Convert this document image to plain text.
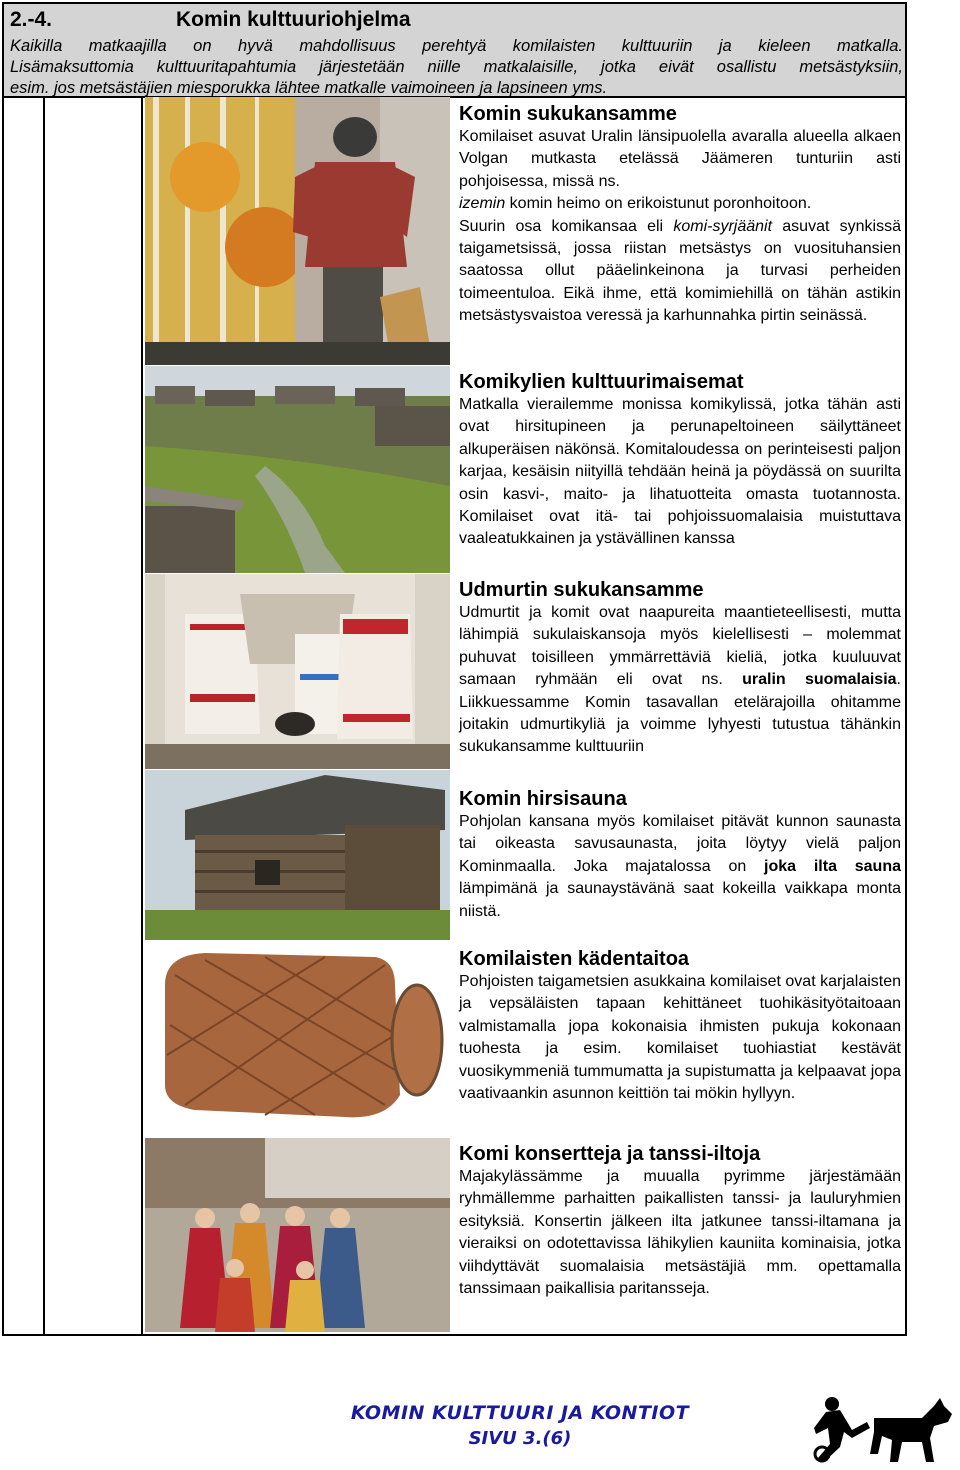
2.-4.	Komin kulttuuriohjelma

Kaikilla matkaajilla on hyvä mahdollisuus perehtyä komilaisten kulttuuriin ja kieleen matkalla.

Lisämaksuttomia kulttuuritapahtumia järjestetään niille matkalaisille, jotka eivät osallistu metsästyksiin,

esim. jos metsästäjien miesporukka lähtee matkalle vaimoineen ja lapsineen yms.

Komin sukukansamme

Komilaiset asuvat Uralin länsipuolella avaralla alueella alkaen Volgan mutkasta etelässä Jäämeren tunturiin asti pohjoisessa, missä ns.
izemin komin heimo on erikoistunut poronhoitoon.
Suurin osa komikansaa eli komi-syrjäänit asuvat synkissä taigametsissä, jossa riistan metsästys on vuosituhansien saatossa ollut pääelinkeinona ja turvasi perheiden toimeentuloa. Eikä ihme, että komimiehillä on tähän astikin metsästysvaistoa veressä ja karhunnahka pirtin seinässä.

Komikylien kulttuurimaisemat

Matkalla vierailemme monissa komikylissä, jotka tähän asti ovat hirsitupineen ja perunapeltoineen säilyttäneet alkuperäisen näkönsä. Komitaloudessa on perinteisesti paljon karjaa, kesäisin niityillä tehdään heinä ja pöydässä on suurilta osin kasvi-, maito- ja lihatuotteita omasta tuotannosta. Komilaiset ovat itä- tai pohjoissuomalaisia muistuttava vaaleatukkainen ja ystävällinen kanssa

Udmurtin sukukansamme

Udmurtit ja komit ovat naapureita maantieteellisesti, mutta lähimpiä sukulaiskansoja myös kielellisesti – molemmat puhuvat toisilleen ymmärrettäviä kieliä, jotka kuuluuvat samaan ryhmään eli ovat ns. uralin suomalaisia. Liikkuessamme Komin tasavallan etelärajoilla ohitamme joitakin udmurtikyliä ja voimme lyhyesti tutustua tähänkin sukukansamme kulttuuriin

Komin hirsisauna

Pohjolan kansana myös komilaiset pitävät kunnon saunasta tai oikeasta savusaunasta, joita löytyy vielä paljon Kominmaalla. Joka majatalossa on joka ilta sauna lämpimänä ja saunaystävänä saat kokeilla vaikkapa monta niistä.

Komilaisten kädentaitoa

Pohjoisten taigametsien asukkaina komilaiset ovat karjalaisten ja vepsäläisten tapaan kehittäneet tuohikäsityötaitoaan valmistamalla jopa kokonaisia ihmisten pukuja kokonaan tuohesta ja esim. komilaiset tuohiastiat kestävät vuosikymmeniä tummumatta ja supistumatta ja kelpaavat jopa vaativaankin asunnon keittiön tai mökin hyllyyn.

Komi konsertteja ja tanssi-iltoja

Majakylässämme ja muualla pyrimme järjestämään ryhmällemme parhaitten paikallisten tanssi- ja lauluryhmien esityksiä. Konsertin jälkeen ilta jatkunee tanssi-iltamana ja vieraiksi on odotettavissa lähikylien kauniita kominaisia, jotka viihdyttävät suomalaisia metsästäjiä mm. opettamalla tanssimaan paikallisia paritansseja.

KOMIN KULTTUURI JA KONTIOT
SIVU 3.(6)
